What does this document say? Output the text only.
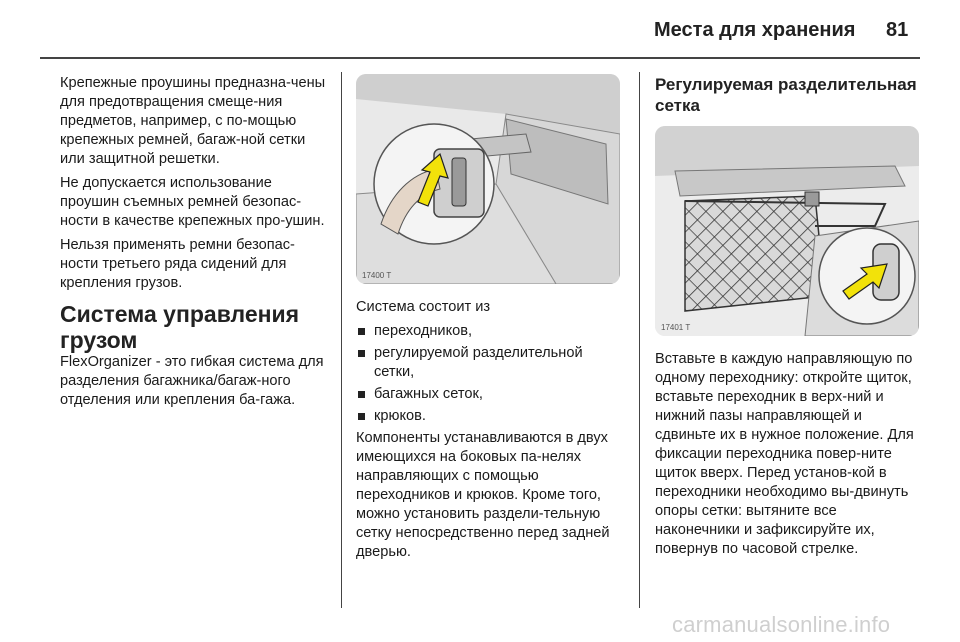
Места для хранения 81

Крепежные проушины предназна-чены для предотвращения смеще-ния предметов, например, с по-мощью крепежных ремней, багаж-ной сетки или защитной решетки.

Не допускается использование проушин съемных ремней безопас-ности в качестве крепежных про-ушин.

Нельзя применять ремни безопас-ности третьего ряда сидений для крепления грузов.

Система управления грузом

FlexOrganizer - это гибкая система для разделения багажника/багаж-ного отделения или крепления ба-гажа.

17400 T

Система состоит из

переходников,
регулируемой разделительной сетки,
багажных сеток,
крюков.

Компоненты устанавливаются в двух имеющихся на боковых па-нелях направляющих с помощью переходников и крюков. Кроме того, можно установить раздели-тельную сетку непосредственно перед задней дверью.

Регулируемая разделительная сетка
17401 T

Вставьте в каждую направляющую по одному переходнику: откройте щиток, вставьте переходник в верх-ний и нижний пазы направляющей и сдвиньте их в нужное положение. Для фиксации переходника повер-ните щиток вверх. Перед установ-кой в переходники необходимо вы-двинуть опоры сетки: вытяните все наконечники и зафиксируйте их, повернув по часовой стрелке.

carmanualsonline.info
